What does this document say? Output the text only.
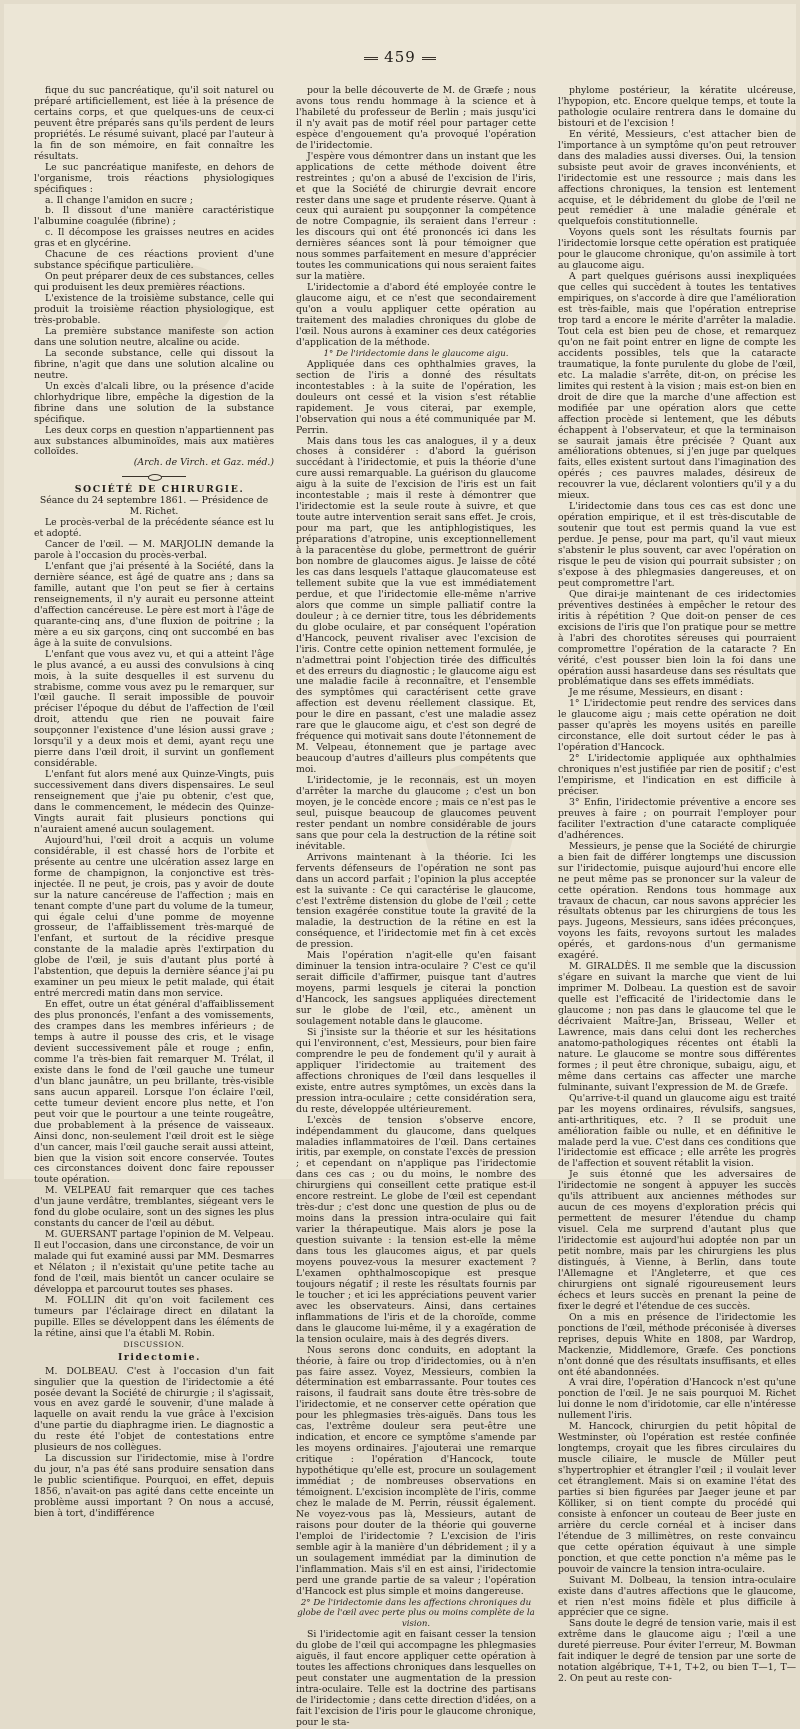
459

fique du suc pancréatique, qu'il soit naturel ou préparé artificiellement, est liée à la présence de certains corps, et que quelques-uns de ceux-ci peuvent être préparés sans qu'ils perdent de leurs propriétés. Le résumé suivant, placé par l'auteur à la fin de son mémoire, en fait connaître les résultats.

Le suc pancréatique manifeste, en dehors de l'organisme, trois réactions physiologiques spécifiques :

a. Il change l'amidon en sucre ;

b. Il dissout d'une manière caractéristique l'albumine coagulée (fibrine) ;

c. Il décompose les graisses neutres en acides gras et en glycérine.

Chacune de ces réactions provient d'une substance spécifique particulière.

On peut préparer deux de ces substances, celles qui produisent les deux premières réactions.

L'existence de la troisième substance, celle qui produit la troisième réaction physiologique, est très-probable.

La première substance manifeste son action dans une solution neutre, alcaline ou acide.

La seconde substance, celle qui dissout la fibrine, n'agit que dans une solution alcaline ou neutre.

Un excès d'alcali libre, ou la présence d'acide chlorhydrique libre, empêche la digestion de la fibrine dans une solution de la substance spécifique.

Les deux corps en question n'appartiennent pas aux substances albuminoïdes, mais aux matières colloïdes.

(Arch. de Virch. et Gaz. méd.)

SOCIÉTÉ DE CHIRURGIE.

Séance du 24 septembre 1861. — Présidence de M. Richet.

Le procès-verbal de la précédente séance est lu et adopté.

Cancer de l'œil. — M. MARJOLIN demande la parole à l'occasion du procès-verbal.

L'enfant que j'ai présenté à la Société, dans la dernière séance, est âgé de quatre ans ; dans sa famille, autant que l'on peut se fier à certains renseignements, il n'y aurait eu personne atteint d'affection cancéreuse. Le père est mort à l'âge de quarante-cinq ans, d'une fluxion de poitrine ; la mère a eu six garçons, cinq ont succombé en bas âge à la suite de convulsions.

L'enfant que vous avez vu, et qui a atteint l'âge le plus avancé, a eu aussi des convulsions à cinq mois, à la suite desquelles il est survenu du strabisme, comme vous avez pu le remarquer, sur l'œil gauche. Il serait impossible de pouvoir préciser l'époque du début de l'affection de l'œil droit, attendu que rien ne pouvait faire soupçonner l'existence d'une lésion aussi grave ; lorsqu'il y a deux mois et demi, ayant reçu une pierre dans l'œil droit, il survint un gonflement considérable.

L'enfant fut alors mené aux Quinze-Vingts, puis successivement dans divers dispensaires. Le seul renseignement que j'aie pu obtenir, c'est que, dans le commencement, le médecin des Quinze-Vingts aurait fait plusieurs ponctions qui n'auraient amené aucun soulagement.

Aujourd'hui, l'œil droit a acquis un volume considérable, il est chassé hors de l'orbite et présente au centre une ulcération assez large en forme de champignon, la conjonctive est très-injectée. Il ne peut, je crois, pas y avoir de doute sur la nature cancéreuse de l'affection ; mais en tenant compte d'une part du volume de la tumeur, qui égale celui d'une pomme de moyenne grosseur, de l'affaiblissement très-marqué de l'enfant, et surtout de la récidive presque constante de la maladie après l'extirpation du globe de l'œil, je suis d'autant plus porté à l'abstention, que depuis la dernière séance j'ai pu examiner un peu mieux le petit malade, qui était entré mercredi matin dans mon service.

En effet, outre un état général d'affaiblissement des plus prononcés, l'enfant a des vomissements, des crampes dans les membres inférieurs ; de temps à autre il pousse des cris, et le visage devient successivement pâle et rouge ; enfin, comme l'a très-bien fait remarquer M. Trélat, il existe dans le fond de l'œil gauche une tumeur d'un blanc jaunâtre, un peu brillante, très-visible sans aucun appareil. Lorsque l'on éclaire l'œil, cette tumeur devient encore plus nette, et l'on peut voir que le pourtour a une teinte rougeâtre, due probablement à la présence de vaisseaux. Ainsi donc, non-seulement l'œil droit est le siège d'un cancer, mais l'œil gauche serait aussi atteint, bien que la vision soit encore conservée. Toutes ces circonstances doivent donc faire repousser toute opération.

M. VELPEAU fait remarquer que ces taches d'un jaune verdâtre, tremblantes, siégeant vers le fond du globe oculaire, sont un des signes les plus constants du cancer de l'œil au début.

M. GUERSANT partage l'opinion de M. Velpeau. Il eut l'occasion, dans une circonstance, de voir un malade qui fut examiné aussi par MM. Desmarres et Nélaton ; il n'existait qu'une petite tache au fond de l'œil, mais bientôt un cancer oculaire se développa et parcourut toutes ses phases.

M. FOLLIN dit qu'on voit facilement ces tumeurs par l'éclairage direct en dilatant la pupille. Elles se développent dans les éléments de la rétine, ainsi que l'a établi M. Robin.

DISCUSSION.

Iridectomie.

M. DOLBEAU. C'est à l'occasion d'un fait singulier que la question de l'iridectomie a été posée devant la Société de chirurgie ; il s'agissait, vous en avez gardé le souvenir, d'une malade à laquelle on avait rendu la vue grâce à l'excision d'une partie du diaphragme irien. Le diagnostic a du reste été l'objet de contestations entre plusieurs de nos collègues.

La discussion sur l'iridectomie, mise à l'ordre du jour, n'a pas été sans produire sensation dans le public scientifique. Pourquoi, en effet, depuis 1856, n'avait-on pas agité dans cette enceinte un problème aussi important ? On nous a accusé, bien à tort, d'indifférence

pour la belle découverte de M. de Græfe ; nous avons tous rendu hommage à la science et à l'habileté du professeur de Berlin ; mais jusqu'ici il n'y avait pas de motif réel pour partager cette espèce d'engouement qu'a provoqué l'opération de l'iridectomie.

J'espère vous démontrer dans un instant que les applications de cette méthode doivent être restreintes ; qu'on a abusé de l'excision de l'iris, et que la Société de chirurgie devrait encore rester dans une sage et prudente réserve. Quant à ceux qui auraient pu soupçonner la compétence de notre Compagnie, ils seraient dans l'erreur : les discours qui ont été prononcés ici dans les dernières séances sont là pour témoigner que nous sommes parfaitement en mesure d'apprécier toutes les communications qui nous seraient faites sur la matière.

L'iridectomie a d'abord été employée contre le glaucome aigu, et ce n'est que secondairement qu'on a voulu appliquer cette opération au traitement des maladies chroniques du globe de l'œil. Nous aurons à examiner ces deux catégories d'application de la méthode.

1° De l'iridectomie dans le glaucome aigu.

Appliquée dans ces ophthalmies graves, la section de l'iris a donné des résultats incontestables : à la suite de l'opération, les douleurs ont cessé et la vision s'est rétablie rapidement. Je vous citerai, par exemple, l'observation qui nous a été communiquée par M. Perrin.

Mais dans tous les cas analogues, il y a deux choses à considérer : d'abord la guérison succédant à l'iridectomie, et puis la théorie d'une cure aussi remarquable. La guérison du glaucome aigu à la suite de l'excision de l'iris est un fait incontestable ; mais il reste à démontrer que l'iridectomie est la seule route à suivre, et que toute autre intervention serait sans effet. Je crois, pour ma part, que les antiphlogistiques, les préparations d'atropine, unis exceptionnellement à la paracentèse du globe, permettront de guérir bon nombre de glaucomes aigus. Je laisse de côté les cas dans lesquels l'attaque glaucomateuse est tellement subite que la vue est immédiatement perdue, et que l'iridectomie elle-même n'arrive alors que comme un simple palliatif contre la douleur ; à ce dernier titre, tous les débridements du globe oculaire, et par conséquent l'opération d'Hancock, peuvent rivaliser avec l'excision de l'iris. Contre cette opinion nettement formulée, je n'admettrai point l'objection tirée des difficultés et des erreurs du diagnostic ; le glaucome aigu est une maladie facile à reconnaître, et l'ensemble des symptômes qui caractérisent cette grave affection est devenu réellement classique. Et, pour le dire en passant, c'est une maladie assez rare que le glaucome aigu, et c'est son degré de fréquence qui motivait sans doute l'étonnement de M. Velpeau, étonnement que je partage avec beaucoup d'autres d'ailleurs plus compétents que moi.

L'iridectomie, je le reconnais, est un moyen d'arrêter la marche du glaucome ; c'est un bon moyen, je le concède encore ; mais ce n'est pas le seul, puisque beaucoup de glaucomes peuvent rester pendant un nombre considérable de jours sans que pour cela la destruction de la rétine soit inévitable.

Arrivons maintenant à la théorie. Ici les fervents défenseurs de l'opération ne sont pas dans un accord parfait ; l'opinion la plus acceptée est la suivante : Ce qui caractérise le glaucome, c'est l'extrême distension du globe de l'œil ; cette tension exagérée constitue toute la gravité de la maladie, la destruction de la rétine en est la conséquence, et l'iridectomie met fin à cet excès de pression.

Mais l'opération n'agit-elle qu'en faisant diminuer la tension intra-oculaire ? C'est ce qu'il serait difficile d'affirmer, puisque tant d'autres moyens, parmi lesquels je citerai la ponction d'Hancock, les sangsues appliquées directement sur le globe de l'œil, etc., amènent un soulagement notable dans le glaucome.

Si j'insiste sur la théorie et sur les hésitations qui l'environnent, c'est, Messieurs, pour bien faire comprendre le peu de fondement qu'il y aurait à appliquer l'iridectomie au traitement des affections chroniques de l'œil dans lesquelles il existe, entre autres symptômes, un excès dans la pression intra-oculaire ; cette considération sera, du reste, développée ultérieurement.

L'excès de tension s'observe encore, indépendamment du glaucome, dans quelques maladies inflammatoires de l'œil. Dans certaines iritis, par exemple, on constate l'excès de pression ; et cependant on n'applique pas l'iridectomie dans ces cas ; ou du moins, le nombre des chirurgiens qui conseillent cette pratique est-il encore restreint. Le globe de l'œil est cependant très-dur ; c'est donc une question de plus ou de moins dans la pression intra-oculaire qui fait varier la thérapeutique. Mais alors je pose la question suivante : la tension est-elle la même dans tous les glaucomes aigus, et par quels moyens pouvez-vous la mesurer exactement ? L'examen ophthalmoscopique est presque toujours négatif ; il reste les résultats fournis par le toucher ; et ici les appréciations peuvent varier avec les observateurs. Ainsi, dans certaines inflammations de l'iris et de la choroïde, comme dans le glaucome lui-même, il y a exagération de la tension oculaire, mais à des degrés divers.

Nous serons donc conduits, en adoptant la théorie, à faire ou trop d'iridectomies, ou à n'en pas faire assez. Voyez, Messieurs, combien la détermination est embarrassante. Pour toutes ces raisons, il faudrait sans doute être très-sobre de l'iridectomie, et ne conserver cette opération que pour les phlegmasies très-aiguës. Dans tous les cas, l'extrême douleur sera peut-être une indication, et encore ce symptôme s'amende par les moyens ordinaires. J'ajouterai une remarque critique : l'opération d'Hancock, toute hypothétique qu'elle est, procure un soulagement immédiat ; de nombreuses observations en témoignent. L'excision incomplète de l'iris, comme chez le malade de M. Perrin, réussit également. Ne voyez-vous pas là, Messieurs, autant de raisons pour douter de la théorie qui gouverne l'emploi de l'iridectomie ? L'excision de l'iris semble agir à la manière d'un débridement ; il y a un soulagement immédiat par la diminution de l'inflammation. Mais s'il en est ainsi, l'iridectomie perd une grande partie de sa valeur ; l'opération d'Hancock est plus simple et moins dangereuse.

2° De l'iridectomie dans les affections chroniques du globe de l'œil avec perte plus ou moins complète de la vision.

Si l'iridectomie agit en faisant cesser la tension du globe de l'œil qui accompagne les phlegmasies aiguës, il faut encore appliquer cette opération à toutes les affections chroniques dans lesquelles on peut constater une augmentation de la pression intra-oculaire. Telle est la doctrine des partisans de l'iridectomie ; dans cette direction d'idées, on a fait l'excision de l'iris pour le glaucome chronique, pour le sta-

phylome postérieur, la kératite ulcéreuse, l'hypopion, etc. Encore quelque temps, et toute la pathologie oculaire rentrera dans le domaine du bistouri et de l'excision !

En vérité, Messieurs, c'est attacher bien de l'importance à un symptôme qu'on peut retrouver dans des maladies aussi diverses. Oui, la tension subsiste peut avoir de graves inconvénients, et l'iridectomie est une ressource ; mais dans les affections chroniques, la tension est lentement acquise, et le débridement du globe de l'œil ne peut remédier à une maladie générale et quelquefois constitutionnelle.

Voyons quels sont les résultats fournis par l'iridectomie lorsque cette opération est pratiquée pour le glaucome chronique, qu'on assimile à tort au glaucome aigu.

A part quelques guérisons aussi inexpliquées que celles qui succèdent à toutes les tentatives empiriques, on s'accorde à dire que l'amélioration est très-faible, mais que l'opération entreprise trop tard a encore le mérite d'arrêter la maladie. Tout cela est bien peu de chose, et remarquez qu'on ne fait point entrer en ligne de compte les accidents possibles, tels que la cataracte traumatique, la fonte purulente du globe de l'œil, etc. La maladie s'arrête, dit-on, on précise les limites qui restent à la vision ; mais est-on bien en droit de dire que la marche d'une affection est modifiée par une opération alors que cette affection procède si lentement, que les débuts échappent à l'observateur, et que la terminaison se saurait jamais être précisée ? Quant aux améliorations obtenues, si j'en juge par quelques faits, elles existent surtout dans l'imagination des opérés ; ces pauvres malades, désireux de recouvrer la vue, déclarent volontiers qu'il y a du mieux.

L'iridectomie dans tous ces cas est donc une opération empirique, et il est très-discutable de soutenir que tout est permis quand la vue est perdue. Je pense, pour ma part, qu'il vaut mieux s'abstenir le plus souvent, car avec l'opération on risque le peu de vision qui pourrait subsister ; on s'expose à des phlegmasies dangereuses, et on peut compromettre l'art.

Que dirai-je maintenant de ces iridectomies préventives destinées à empêcher le retour des iritis à répétition ? Que doit-on penser de ces excisions de l'iris que l'on pratique pour se mettre à l'abri des chorotites séreuses qui pourraient compromettre l'opération de la cataracte ? En vérité, c'est pousser bien loin la foi dans une opération aussi hasardeuse dans ses résultats que problématique dans ses effets immédiats.

Je me résume, Messieurs, en disant :

1° L'iridectomie peut rendre des services dans le glaucome aigu ; mais cette opération ne doit passer qu'après les moyens usités en pareille circonstance, elle doit surtout céder le pas à l'opération d'Hancock.

2° L'iridectomie appliquée aux ophthalmies chroniques n'est justifiée par rien de positif ; c'est l'empirisme, et l'indication en est difficile à préciser.

3° Enfin, l'iridectomie préventive a encore ses preuves à faire ; on pourrait l'employer pour faciliter l'extraction d'une cataracte compliquée d'adhérences.

Messieurs, je pense que la Société de chirurgie a bien fait de différer longtemps une discussion sur l'iridectomie, puisque aujourd'hui encore elle ne peut même pas se prononcer sur la valeur de cette opération. Rendons tous hommage aux travaux de chacun, car nous savons apprécier les résultats obtenus par les chirurgiens de tous les pays. Jugeons, Messieurs, sans idées préconçues, voyons les faits, revoyons surtout les malades opérés, et gardons-nous d'un germanisme exagéré.

M. GIRALDÈS. Il me semble que la discussion s'égare en suivant la marche que vient de lui imprimer M. Dolbeau. La question est de savoir quelle est l'efficacité de l'iridectomie dans le glaucome ; non pas dans le glaucome tel que le décrivaient Maître-Jan, Brisseau, Weller et Lawrence, mais dans celui dont les recherches anatomo-pathologiques récentes ont établi la nature. Le glaucome se montre sous différentes formes ; il peut être chronique, subaigu, aigu, et même dans certains cas affecter une marche fulminante, suivant l'expression de M. de Græfe.

Qu'arrive-t-il quand un glaucome aigu est traité par les moyens ordinaires, révulsifs, sangsues, anti-arthritiques, etc. ? Il se produit une amélioration faible ou nulle, et en définitive le malade perd la vue. C'est dans ces conditions que l'iridectomie est efficace ; elle arrête les progrès de l'affection et souvent rétablit la vision.

Je suis étonné que les adversaires de l'iridectomie ne songent à appuyer les succès qu'ils attribuent aux anciennes méthodes sur aucun de ces moyens d'exploration précis qui permettent de mesurer l'étendue du champ visuel. Cela me surprend d'autant plus que l'iridectomie est aujourd'hui adoptée non par un petit nombre, mais par les chirurgiens les plus distingués, à Vienne, à Berlin, dans toute l'Allemagne et l'Angleterre, et que ces chirurgiens ont signalé rigoureusement leurs échecs et leurs succès en prenant la peine de fixer le degré et l'étendue de ces succès.

On a mis en présence de l'iridectomie les ponctions de l'œil, méthode préconisée à diverses reprises, depuis White en 1808, par Wardrop, Mackenzie, Middlemore, Græfe. Ces ponctions n'ont donné que des résultats insuffisants, et elles ont été abandonnées.

A vrai dire, l'opération d'Hancock n'est qu'une ponction de l'œil. Je ne sais pourquoi M. Richet lui donne le nom d'iridotomie, car elle n'intéresse nullement l'iris.

M. Hancock, chirurgien du petit hôpital de Westminster, où l'opération est restée confinée longtemps, croyait que les fibres circulaires du muscle ciliaire, le muscle de Müller peut s'hypertrophier et étrangler l'œil ; il voulait lever cet étranglement. Mais si on examine l'état des parties si bien figurées par Jaeger jeune et par Kölliker, si on tient compte du procédé qui consiste à enfoncer un couteau de Beer juste en arrière du cercle cornéal et à inciser dans l'étendue de 3 millimètres, on reste convaincu que cette opération équivaut à une simple ponction, et que cette ponction n'a même pas le pouvoir de vaincre la tension intra-oculaire.

Suivant M. Dolbeau, la tension intra-oculaire existe dans d'autres affections que le glaucome, et rien n'est moins fidèle et plus difficile à apprécier que ce signe.

Sans doute le degré de tension varie, mais il est extrême dans le glaucome aigu ; l'œil a une dureté pierreuse. Pour éviter l'erreur, M. Bowman fait indiquer le degré de tension par une sorte de notation algébrique, T+1, T+2, ou bien T—1, T—2. On peut au reste con-
